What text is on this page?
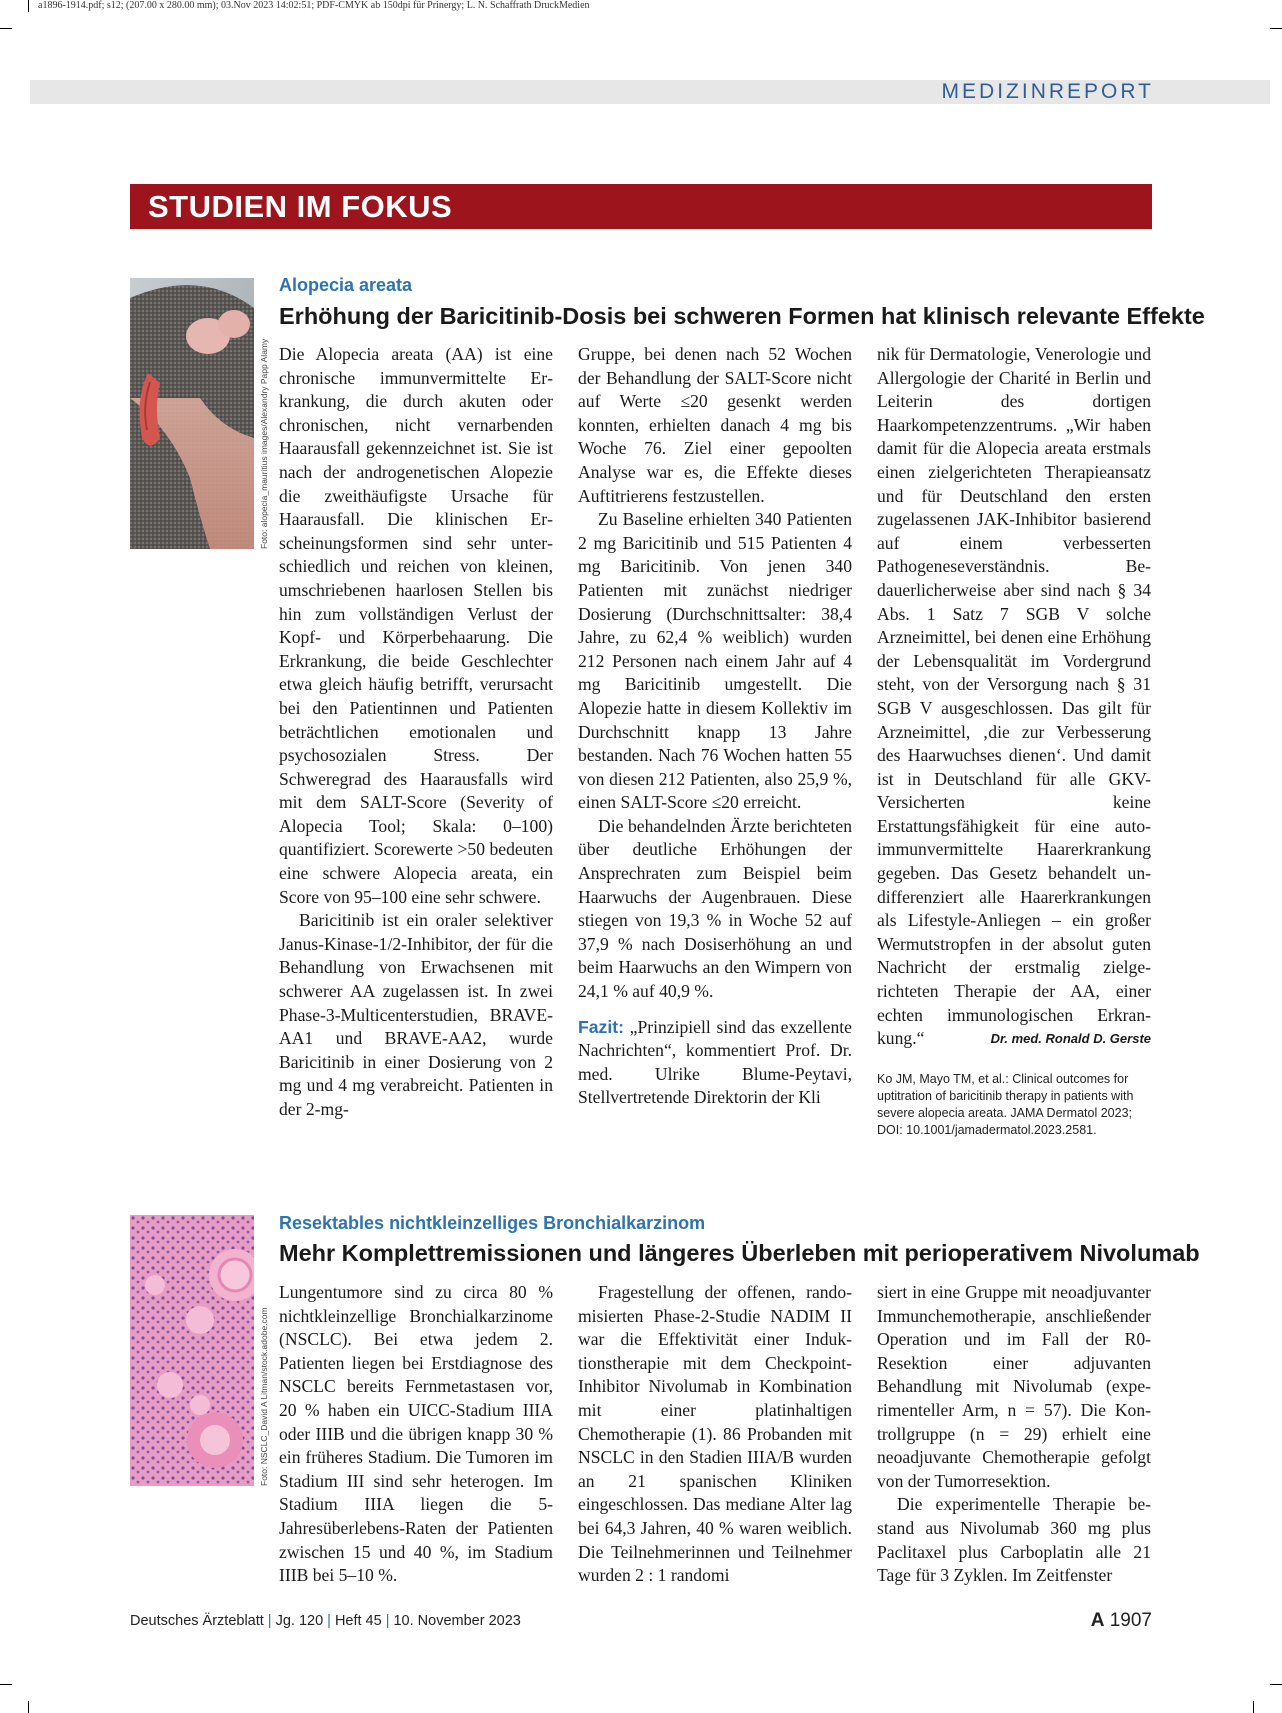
a1896-1914.pdf; s12; (207.00 x 280.00 mm); 03.Nov 2023 14:02:51; PDF-CMYK ab 150dpi für Prinergy; L. N. Schaffrath DruckMedien
MEDIZINREPORT
STUDIEN IM FOKUS
Foto: alopecia_mauritius images/Alexandry Papp Alamy
Alopecia areata
Erhöhung der Baricitinib-Dosis bei schweren Formen hat klinisch relevante Effekte

Die Alopecia areata (AA) ist eine chronische immunvermittelte Erkrankung, die durch akuten oder chronischen, nicht vernarbenden Haarausfall gekennzeichnet ist. Sie ist nach der androgenetischen Alopezie die zweithäufigste Ursache für Haarausfall. Die klinischen Erscheinungsformen sind sehr unterschiedlich und reichen von kleinen, umschriebenen haarlosen Stellen bis hin zum vollständigen Verlust der Kopf- und Körperbehaarung. Die Erkrankung, die beide Geschlechter etwa gleich häufig betrifft, verursacht bei den Patientinnen und Patienten beträchtlichen emotionalen und psychosozialen Stress. Der Schweregrad des Haarausfalls wird mit dem SALT-Score (Severity of Alopecia Tool; Skala: 0–100) quantifiziert. Scorewerte >50 bedeuten eine schwere Alopecia areata, ein Score von 95–100 eine sehr schwere.

Baricitinib ist ein oraler selektiver Janus-Kinase-1/2-Inhibitor, der für die Behandlung von Erwachsenen mit schwerer AA zugelassen ist. In zwei Phase-3-Multicenterstudien, BRAVE-AA1 und BRAVE-AA2, wurde Baricitinib in einer Dosierung von 2 mg und 4 mg verabreicht. Patienten in der 2-mg-

Gruppe, bei denen nach 52 Wochen der Behandlung der SALT-Score nicht auf Werte ≤20 gesenkt werden konnten, erhielten danach 4 mg bis Woche 76. Ziel einer gepoolten Analyse war es, die Effekte dieses Auftitrierens festzustellen.

Zu Baseline erhielten 340 Patienten 2 mg Baricitinib und 515 Patienten 4 mg Baricitinib. Von jenen 340 Patienten mit zunächst niedriger Dosierung (Durchschnittsalter: 38,4 Jahre, zu 62,4 % weiblich) wurden 212 Personen nach einem Jahr auf 4 mg Baricitinib umgestellt. Die Alopezie hatte in diesem Kollektiv im Durchschnitt knapp 13 Jahre bestanden. Nach 76 Wochen hatten 55 von diesen 212 Patienten, also 25,9 %, einen SALT-Score ≤20 erreicht.

Die behandelnden Ärzte berichteten über deutliche Erhöhungen der Ansprechraten zum Beispiel beim Haarwuchs der Augenbrauen. Diese stiegen von 19,3 % in Woche 52 auf 37,9 % nach Dosiserhöhung an und beim Haarwuchs an den Wimpern von 24,1 % auf 40,9 %.

Fazit: „Prinzipiell sind das exzellente Nachrichten“, kommentiert Prof. Dr. med. Ulrike Blume-Peytavi, Stellvertretende Direktorin der Kli

nik für Dermatologie, Venerologie und Allergologie der Charité in Berlin und Leiterin des dortigen Haarkompetenzzentrums. „Wir haben damit für die Alopecia areata erstmals einen zielgerichteten Therapieansatz und für Deutschland den ersten zugelassenen JAK-Inhibitor basierend auf einem verbesserten Pathogeneseverständnis. Bedauerlicherweise aber sind nach § 34 Abs. 1 Satz 7 SGB V solche Arzneimittel, bei denen eine Erhöhung der Lebensqualität im Vordergrund steht, von der Versorgung nach § 31 SGB V ausgeschlossen. Das gilt für Arzneimittel, ‚die zur Verbesserung des Haarwuchses dienen‘. Und damit ist in Deutschland für alle GKV-Versicherten keine Erstattungsfähigkeit für eine autoimmunvermittelte Haarerkrankung gegeben. Das Gesetz behandelt undifferenziert alle Haarerkrankungen als Lifestyle-Anliegen – ein großer Wermutstropfen in der absolut guten Nachricht der erstmalig zielgerichteten Therapie der AA, einer echten immunologischen Erkrankung.“	Dr. med. Ronald D. Gerste

Ko JM, Mayo TM, et al.: Clinical outcomes for uptitration of baricitinib therapy in patients with severe alopecia areata. JAMA Dermatol 2023; DOI: 10.1001/jamadermatol.2023.2581.
Foto: NSCLC_David A Litman/stock.adobe.com
Resektables nichtkleinzelliges Bronchialkarzinom
Mehr Komplettremissionen und längeres Überleben mit perioperativem Nivolumab

Lungentumore sind zu circa 80 % nichtkleinzellige Bronchialkarzinome (NSCLC). Bei etwa jedem 2. Patienten liegen bei Erstdiagnose des NSCLC bereits Fernmetastasen vor, 20 % haben ein UICC-Stadium IIIA oder IIIB und die übrigen knapp 30 % ein früheres Stadium. Die Tumoren im Stadium III sind sehr heterogen. Im Stadium IIIA liegen die 5-Jahresüberlebens-Raten der Patienten zwischen 15 und 40 %, im Stadium IIIB bei 5–10 %.

Fragestellung der offenen, randomisierten Phase-2-Studie NADIM II war die Effektivität einer Induktionstherapie mit dem Checkpoint-Inhibitor Nivolumab in Kombination mit einer platinhaltigen Chemotherapie (1). 86 Probanden mit NSCLC in den Stadien IIIA/B wurden an 21 spanischen Kliniken eingeschlossen. Das mediane Alter lag bei 64,3 Jahren, 40 % waren weiblich. Die Teilnehmerinnen und Teilnehmer wurden 2 : 1 randomi

siert in eine Gruppe mit neoadjuvanter Immunchemotherapie, anschließender Operation und im Fall der R0-Resektion einer adjuvanten Behandlung mit Nivolumab (experimenteller Arm, n = 57). Die Kontrollgruppe (n = 29) erhielt eine neoadjuvante Chemotherapie gefolgt von der Tumorresektion.

Die experimentelle Therapie bestand aus Nivolumab 360 mg plus Paclitaxel plus Carboplatin alle 21 Tage für 3 Zyklen. Im Zeitfenster

Deutsches Ärzteblatt | Jg. 120 | Heft 45 | 10. November 2023	A 1907
